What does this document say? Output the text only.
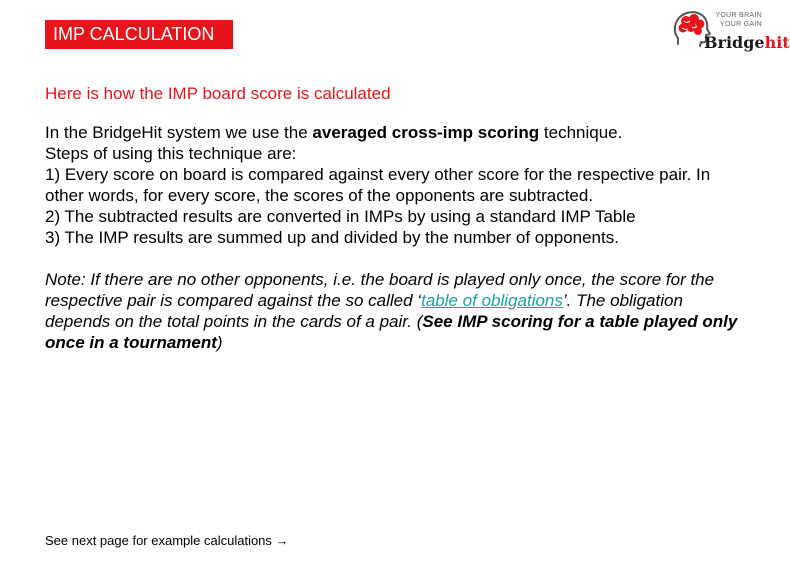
IMP CALCULATION
YOUR BRAIN
YOUR GAIN
Bridgehit
Here is how the IMP board score is calculated

In the BridgeHit system we use the averaged cross-imp scoring technique.

Steps of using this technique are:

1) Every score on board is compared against every other score for the respective pair. In other words, for every score, the scores of the opponents are subtracted.

2) The subtracted results are converted in IMPs by using a standard IMP Table

3) The IMP results are summed up and divided by the number of opponents.

Note: If there are no other opponents, i.e. the board is played only once, the score for the respective pair is compared against the so called ‘table of obligations’. The obligation depends on the total points in the cards of a pair. (See IMP scoring for a table played only once in a tournament)

See next page for example calculations →
